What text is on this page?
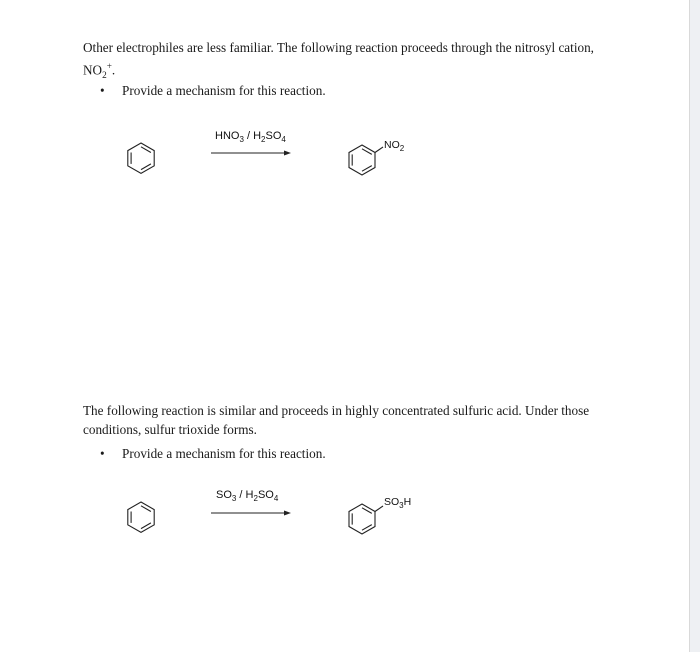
Other electrophiles are less familiar. The following reaction proceeds through the nitrosyl cation,
$NO_2^+$.
• Provide a mechanism for this reaction.
$HNO_3 / H_2SO_4$	$NO_2$
The following reaction is similar and proceeds in highly concentrated sulfuric acid. Under those
conditions, sulfur trioxide forms.
• Provide a mechanism for this reaction.
$SO_3 / H_2SO_4$	$SO_3H$
